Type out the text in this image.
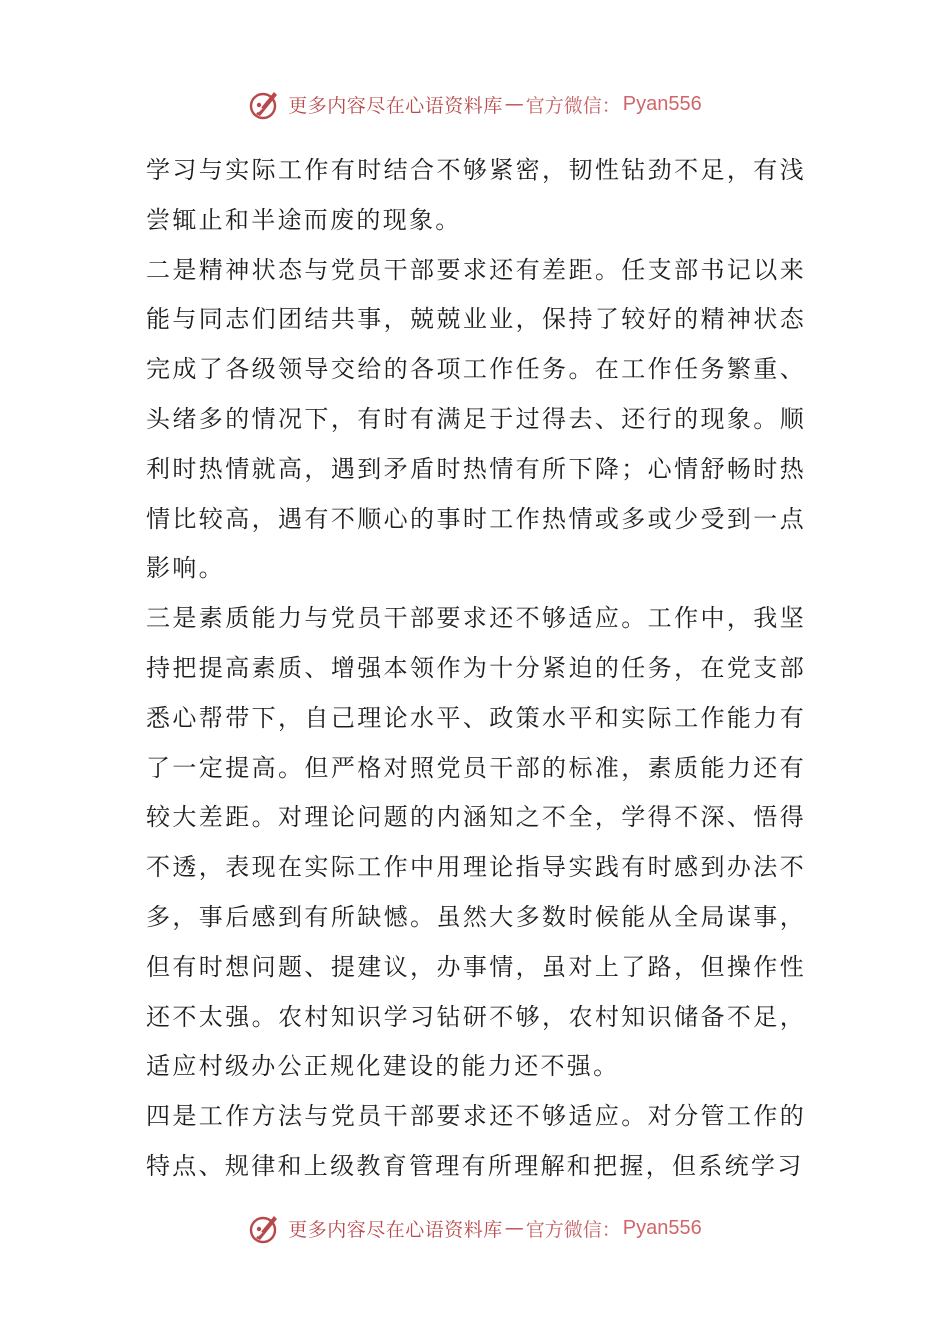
更多内容尽在心语资料库 — 官方微信： Pyan556

学习与实际工作有时结合不够紧密，韧性钻劲不足，有浅尝辄止和半途而废的现象。

二是精神状态与党员干部要求还有差距。任支部书记以来能与同志们团结共事，兢兢业业，保持了较好的精神状态完成了各级领导交给的各项工作任务。在工作任务繁重、头绪多的情况下，有时有满足于过得去、还行的现象。顺利时热情就高，遇到矛盾时热情有所下降；心情舒畅时热情比较高，遇有不顺心的事时工作热情或多或少受到一点影响。

三是素质能力与党员干部要求还不够适应。工作中，我坚持把提高素质、增强本领作为十分紧迫的任务，在党支部悉心帮带下，自己理论水平、政策水平和实际工作能力有了一定提高。但严格对照党员干部的标准，素质能力还有较大差距。对理论问题的内涵知之不全，学得不深、悟得不透，表现在实际工作中用理论指导实践有时感到办法不多，事后感到有所缺憾。虽然大多数时候能从全局谋事，但有时想问题、提建议，办事情，虽对上了路，但操作性还不太强。农村知识学习钻研不够，农村知识储备不足，适应村级办公正规化建设的能力还不强。

四是工作方法与党员干部要求还不够适应。对分管工作的特点、规律和上级教育管理有所理解和把握，但系统学习

更多内容尽在心语资料库 — 官方微信： Pyan556
